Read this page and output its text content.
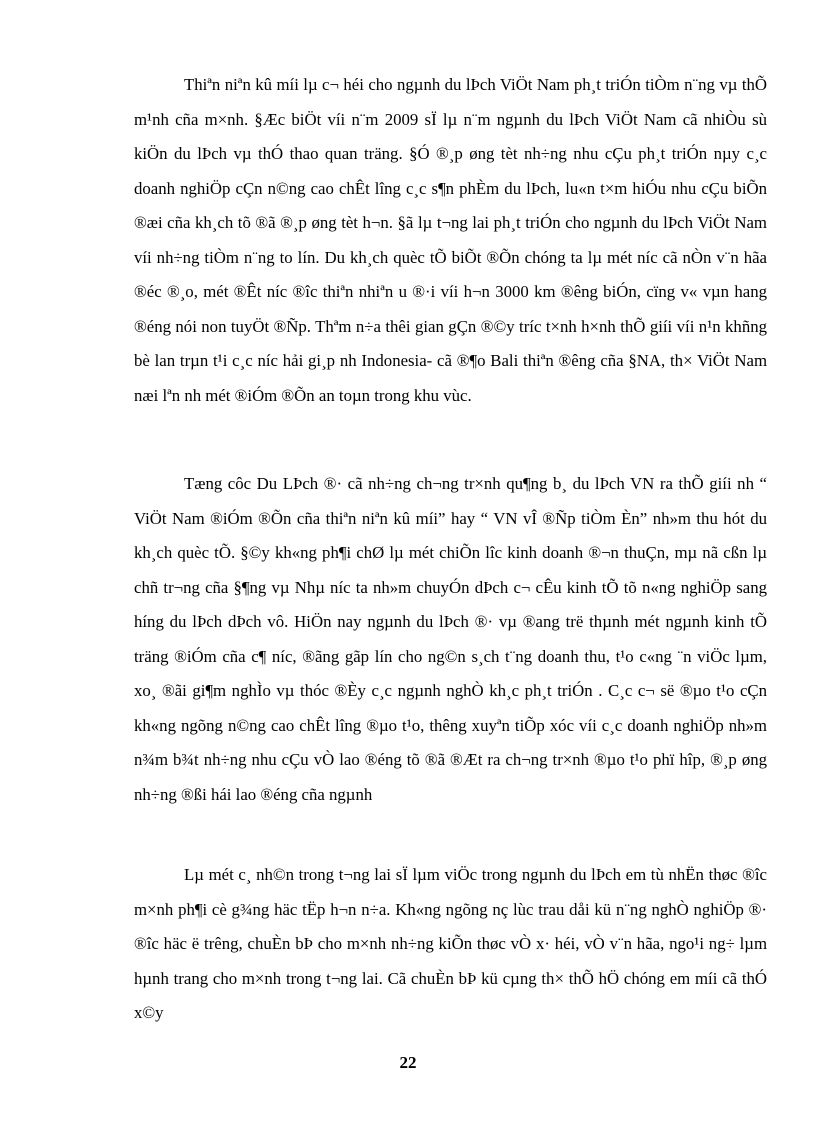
Thiªn niªn kû míi lµ c¬ héi cho ngµnh du lÞch ViÖt Nam ph¸t triÓn tiÒm n¨ng vµ thÕ m¹nh cña m×nh. §Æc biÖt víi n¨m 2009 sÏ lµ n¨m ngµnh du lÞch ViÖt Nam cã nhiÒu sù kiÖn du lÞch vµ thÓ thao quan träng. §Ó ®¸p øng tèt nh÷ng nhu cÇu ph¸t triÓn nµy c¸c doanh nghiÖp cÇn n©ng cao chÊt lîng c¸c s¶n phÈm du lÞch, lu«n t×m hiÓu nhu cÇu biÕn ®æi cña kh¸ch tõ ®ã ®¸p øng tèt h¬n. §ã lµ t¬ng lai ph¸t triÓn cho ngµnh du lÞch ViÖt Nam víi nh÷ng tiÒm n¨ng to lín. Du kh¸ch quèc tÕ biÕt ®Õn chóng ta lµ mét níc cã nÒn v¨n hãa ®éc ®¸o, mét ®Êt níc ®îc thiªn nhiªn u ®·i víi h¬n 3000 km ®êng biÓn, cïng v« vµn hang ®éng nói non tuyÖt ®Ñp. Thªm n÷a thêi gian gÇn ®©y tríc t×nh h×nh thÕ giíi víi n¹n khñng bè lan trµn t¹i c¸c níc hải gi¸p nh Indonesia- cã ®¶o Bali thiªn ®êng cña §NA, th× ViÖt Nam næi lªn nh mét ®iÓm ®Õn an toµn trong khu vùc.

Tæng côc Du LÞch ®· cã nh÷ng ch¬ng tr×nh qu¶ng b¸ du lÞch VN ra thÕ giíi nh “ ViÖt Nam ®iÓm ®Õn cña thiªn niªn kû míi” hay “ VN vÎ ®Ñp tiÒm Èn” nh»m thu hót du kh¸ch quèc tÕ. §©y kh«ng ph¶i chØ lµ mét chiÕn lîc kinh doanh ®¬n thuÇn, mµ nã cßn lµ chñ tr¬ng cña §¶ng vµ Nhµ níc ta nh»m chuyÓn dÞch c¬ cÊu kinh tÕ tõ n«ng nghiÖp sang híng du lÞch dÞch vô. HiÖn nay ngµnh du lÞch ®· vµ ®ang trë thµnh mét ngµnh kinh tÕ träng ®iÓm cña c¶ níc, ®ãng gãp lín cho ng©n s¸ch t¨ng doanh thu, t¹o c«ng ¨n viÖc lµm, xo¸ ®ãi gi¶m nghÌo vµ thóc ®Èy c¸c ngµnh nghÒ kh¸c ph¸t triÓn . C¸c c¬ së ®µo t¹o cÇn kh«ng ngõng n©ng cao chÊt lîng ®µo t¹o, thêng xuyªn tiÕp xóc víi c¸c doanh nghiÖp nh»m n¾m b¾t nh÷ng nhu cÇu vÒ lao ®éng tõ ®ã ®Æt ra ch¬ng tr×nh ®µo t¹o phï hîp, ®¸p øng nh÷ng ®ßi hái lao ®éng cña ngµnh

Lµ mét c¸ nh©n trong t¬ng lai sÏ lµm viÖc trong ngµnh du lÞch em tù nhËn thøc ®îc m×nh ph¶i cè g¾ng häc tËp h¬n n÷a. Kh«ng ngõng nç lùc trau dåi kü n¨ng nghÒ nghiÖp ®· ®îc häc ë trêng, chuÈn bÞ cho m×nh nh÷ng kiÕn thøc vÒ x· héi, vÒ v¨n hãa, ngo¹i ng÷ lµm hµnh trang cho m×nh trong t¬ng lai. Cã chuÈn bÞ kü cµng th× thÕ hÖ chóng em míi cã thÓ x©y

22
